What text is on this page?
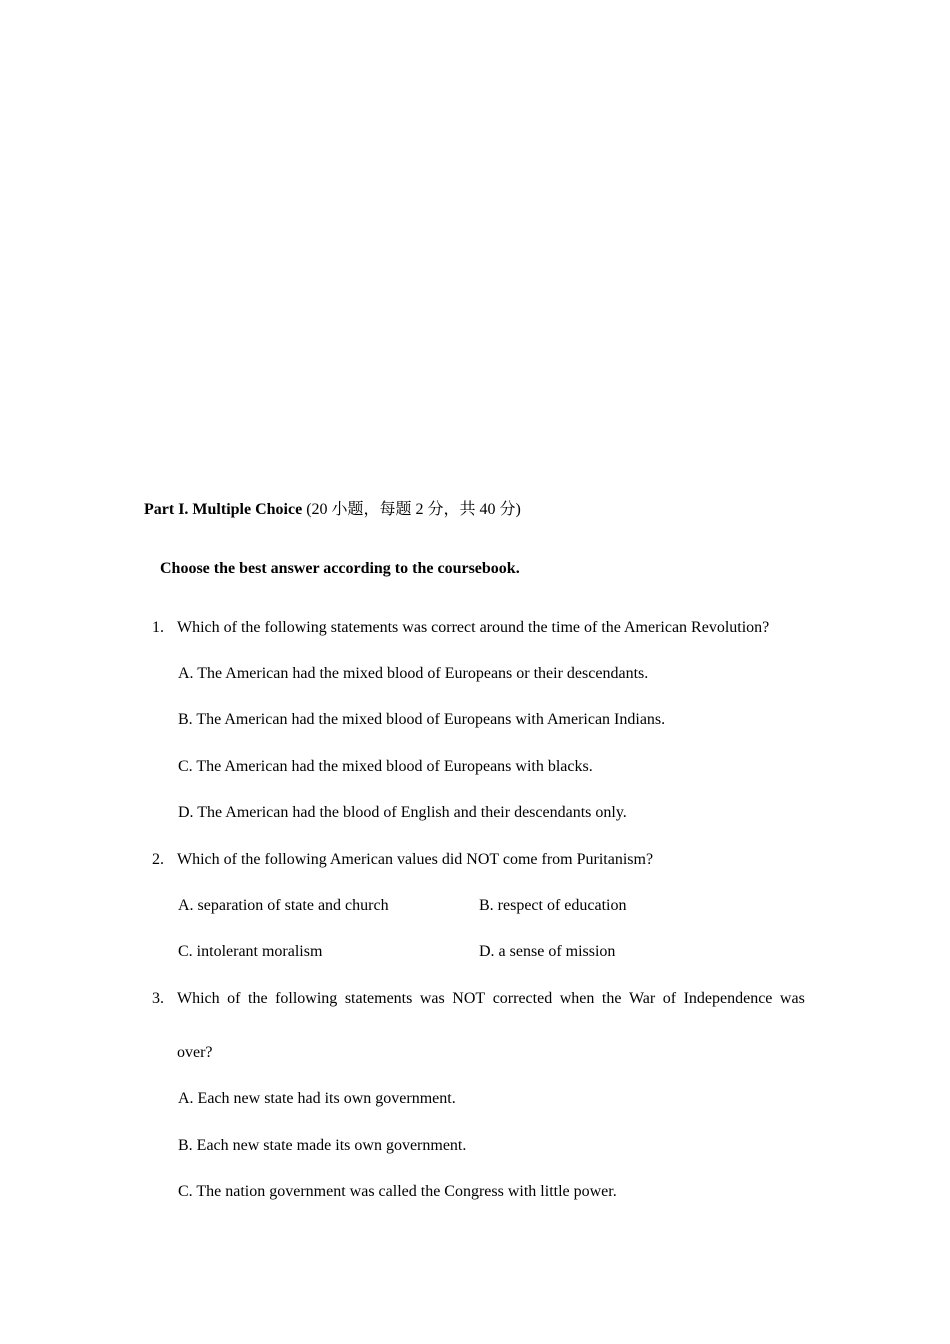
Part I. Multiple Choice (20 小题，每题 2 分，共 40 分)
Choose the best answer according to the coursebook.
1. Which of the following statements was correct around the time of the American Revolution?
A. The American had the mixed blood of Europeans or their descendants.
B. The American had the mixed blood of Europeans with American Indians.
C. The American had the mixed blood of Europeans with blacks.
D. The American had the blood of English and their descendants only.
2. Which of the following American values did NOT come from Puritanism?
A. separation of state and church	B. respect of education
C. intolerant moralism	D. a sense of mission
3. Which of the following statements was NOT corrected when the War of Independence was
over?
A. Each new state had its own government.
B. Each new state made its own government.
C. The nation government was called the Congress with little power.
